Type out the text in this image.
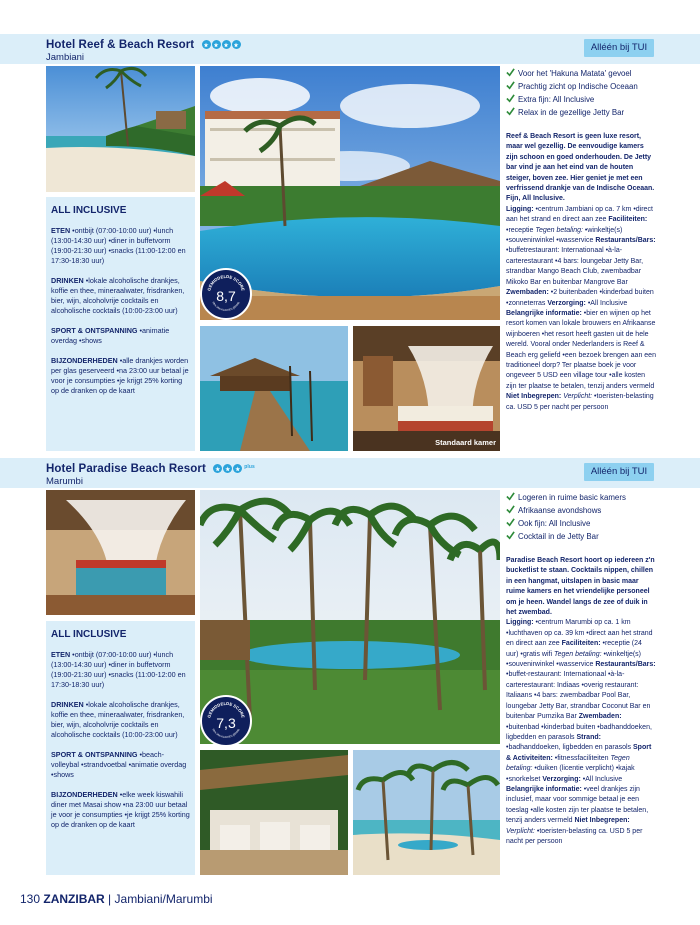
Hotel Reef & Beach Resort
Jambiani
Alléén bij TUI
GEMIDDELDE SCORE
98% VAN KLANTEN (BRON)
8,7
Standaard kamer
ALL INCLUSIVE
ETEN •ontbijt (07:00-10:00 uur) •lunch (13:00-14:30 uur) •diner in buffetvorm (19:00-21:30 uur) •snacks (11:00-12:00 en 17:30-18:30 uur)
DRINKEN •lokale alcoholische drankjes, koffie en thee, mineraalwater, frisdranken, bier, wijn, alcoholvrije cocktails en alcoholische cocktails (10:00-23:00 uur)
SPORT & ONTSPANNING •animatie overdag •shows
BIJZONDERHEDEN •alle drankjes worden per glas geserveerd •na 23:00 uur betaal je voor je consumpties •je krijgt 25% korting op de dranken op de kaart
Voor het 'Hakuna Matata' gevoel
Prachtig zicht op Indische Oceaan
Extra fijn: All Inclusive
Relax in de gezellige Jetty Bar
Reef & Beach Resort is geen luxe resort, maar wel gezellig. De eenvoudige kamers zijn schoon en goed onderhouden. De Jetty bar vind je aan het eind van de houten steiger, boven zee. Hier geniet je met een verfrissend drankje van de Indische Oceaan. Fijn, All Inclusive.
Ligging: •centrum Jambiani op ca. 7 km •direct aan het strand en direct aan zee Faciliteiten: •receptie Tegen betaling: •winkeltje(s) •souvenirwinkel •wasservice Restaurants/Bars: •buffetrestaurant: Internationaal •à-la-carterestaurant •4 bars: loungebar Jetty Bar, strandbar Mango Beach Club, zwembadbar Mikoko Bar en buitenbar Mangrove Bar Zwembaden: •2 buitenbaden •kinderbad buiten •zonneterras Verzorging: •All Inclusive Belangrijke informatie: •bier en wijnen op het resort komen van lokale brouwers en Afrikaanse wijnboeren •het resort heeft gasten uit de hele wereld. Vooral onder Nederlanders is Reef & Beach erg geliefd •een bezoek brengen aan een traditioneel dorp? Ter plaatse boek je voor ongeveer 5 USD een village tour •alle kosten zijn ter plaatse te betalen, tenzij anders vermeld Niet Inbegrepen: Verplicht: •toeristen-belasting ca. USD 5 per nacht per persoon
Hotel Paradise Beach Resort	plus
Marumbi
Alléén bij TUI
GEMIDDELDE SCORE
96% VAN KLANTEN (BRON)
7,3
ALL INCLUSIVE
ETEN •ontbijt (07:00-10:00 uur) •lunch (13:00-14:30 uur) •diner in buffetvorm (19:00-21:30 uur) •snacks (11:00-12:00 en 17:30-18:30 uur)
DRINKEN •lokale alcoholische drankjes, koffie en thee, mineraalwater, frisdranken, bier, wijn, alcoholvrije cocktails en alcoholische cocktails (10:00-23:00 uur)
SPORT & ONTSPANNING •beach-volleybal •strandvoetbal •animatie overdag •shows
BIJZONDERHEDEN •elke week kiswahili diner met Masai show •na 23:00 uur betaal je voor je consumpties •je krijgt 25% korting op de dranken op de kaart
Logeren in ruime basic kamers
Afrikaanse avondshows
Ook fijn: All Inclusive
Cocktail in de Jetty Bar
Paradise Beach Resort hoort op iedereen z'n bucketlist te staan. Cocktails nippen, chillen in een hangmat, uitslapen in basic maar ruime kamers en het vriendelijke personeel om je heen. Wandel langs de zee of duik in het zwembad.
Ligging: •centrum Marumbi op ca. 1 km •luchthaven op ca. 39 km •direct aan het strand en direct aan zee Faciliteiten: •receptie (24 uur) •gratis wifi Tegen betaling: •winkeltje(s) •souvenirwinkel •wasservice Restaurants/Bars: •buffet-restaurant: Internationaal •à-la-carterestaurant: Indiaas •overig restaurant: Italiaans •4 bars: zwembadbar Pool Bar, loungebar Jetty Bar, strandbar Coconut Bar en buitenbar Pumzika Bar Zwembaden: •buitenbad •kinderbad buiten •badhanddoeken, ligbedden en parasols Strand: •badhanddoeken, ligbedden en parasols Sport & Activiteiten: •fitnessfaciliteiten Tegen betaling: •duiken (licentie verplicht) •kajak •snorkelset Verzorging: •All Inclusive Belangrijke informatie: •veel drankjes zijn inclusief, maar voor sommige betaal je een toeslag •alle kosten zijn ter plaatse te betalen, tenzij anders vermeld Niet Inbegrepen: Verplicht: •toeristen-belasting ca. USD 5 per nacht per persoon
130 ZANZIBAR | Jambiani/Marumbi
